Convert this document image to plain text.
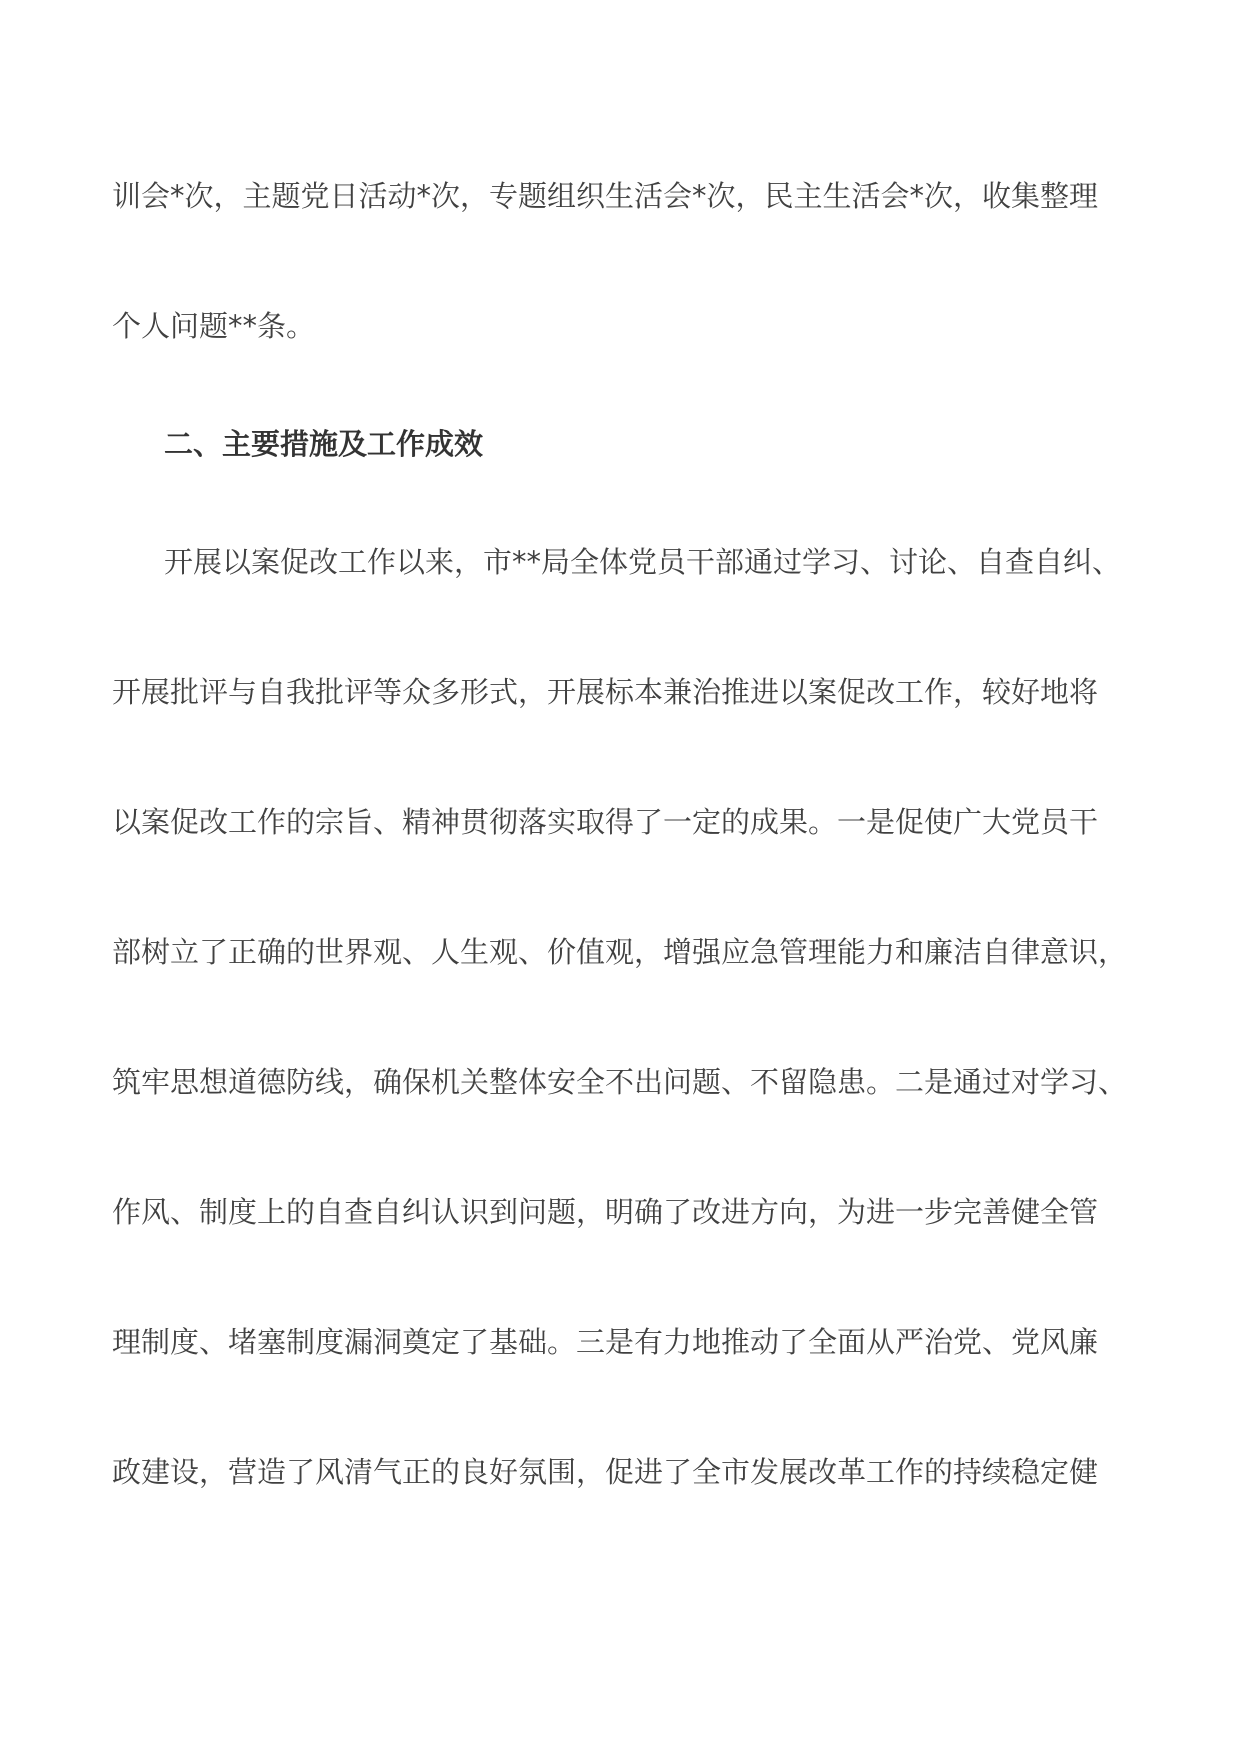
训会*次，主题党日活动*次，专题组织生活会*次，民主生活会*次，收集整理
个人问题**条。
二、主要措施及工作成效
开展以案促改工作以来，市**局全体党员干部通过学习、讨论、自查自纠、
开展批评与自我批评等众多形式，开展标本兼治推进以案促改工作，较好地将
以案促改工作的宗旨、精神贯彻落实取得了一定的成果。一是促使广大党员干
部树立了正确的世界观、人生观、价值观，增强应急管理能力和廉洁自律意识，
筑牢思想道德防线，确保机关整体安全不出问题、不留隐患。二是通过对学习、
作风、制度上的自查自纠认识到问题，明确了改进方向，为进一步完善健全管
理制度、堵塞制度漏洞奠定了基础。三是有力地推动了全面从严治党、党风廉
政建设，营造了风清气正的良好氛围，促进了全市发展改革工作的持续稳定健
